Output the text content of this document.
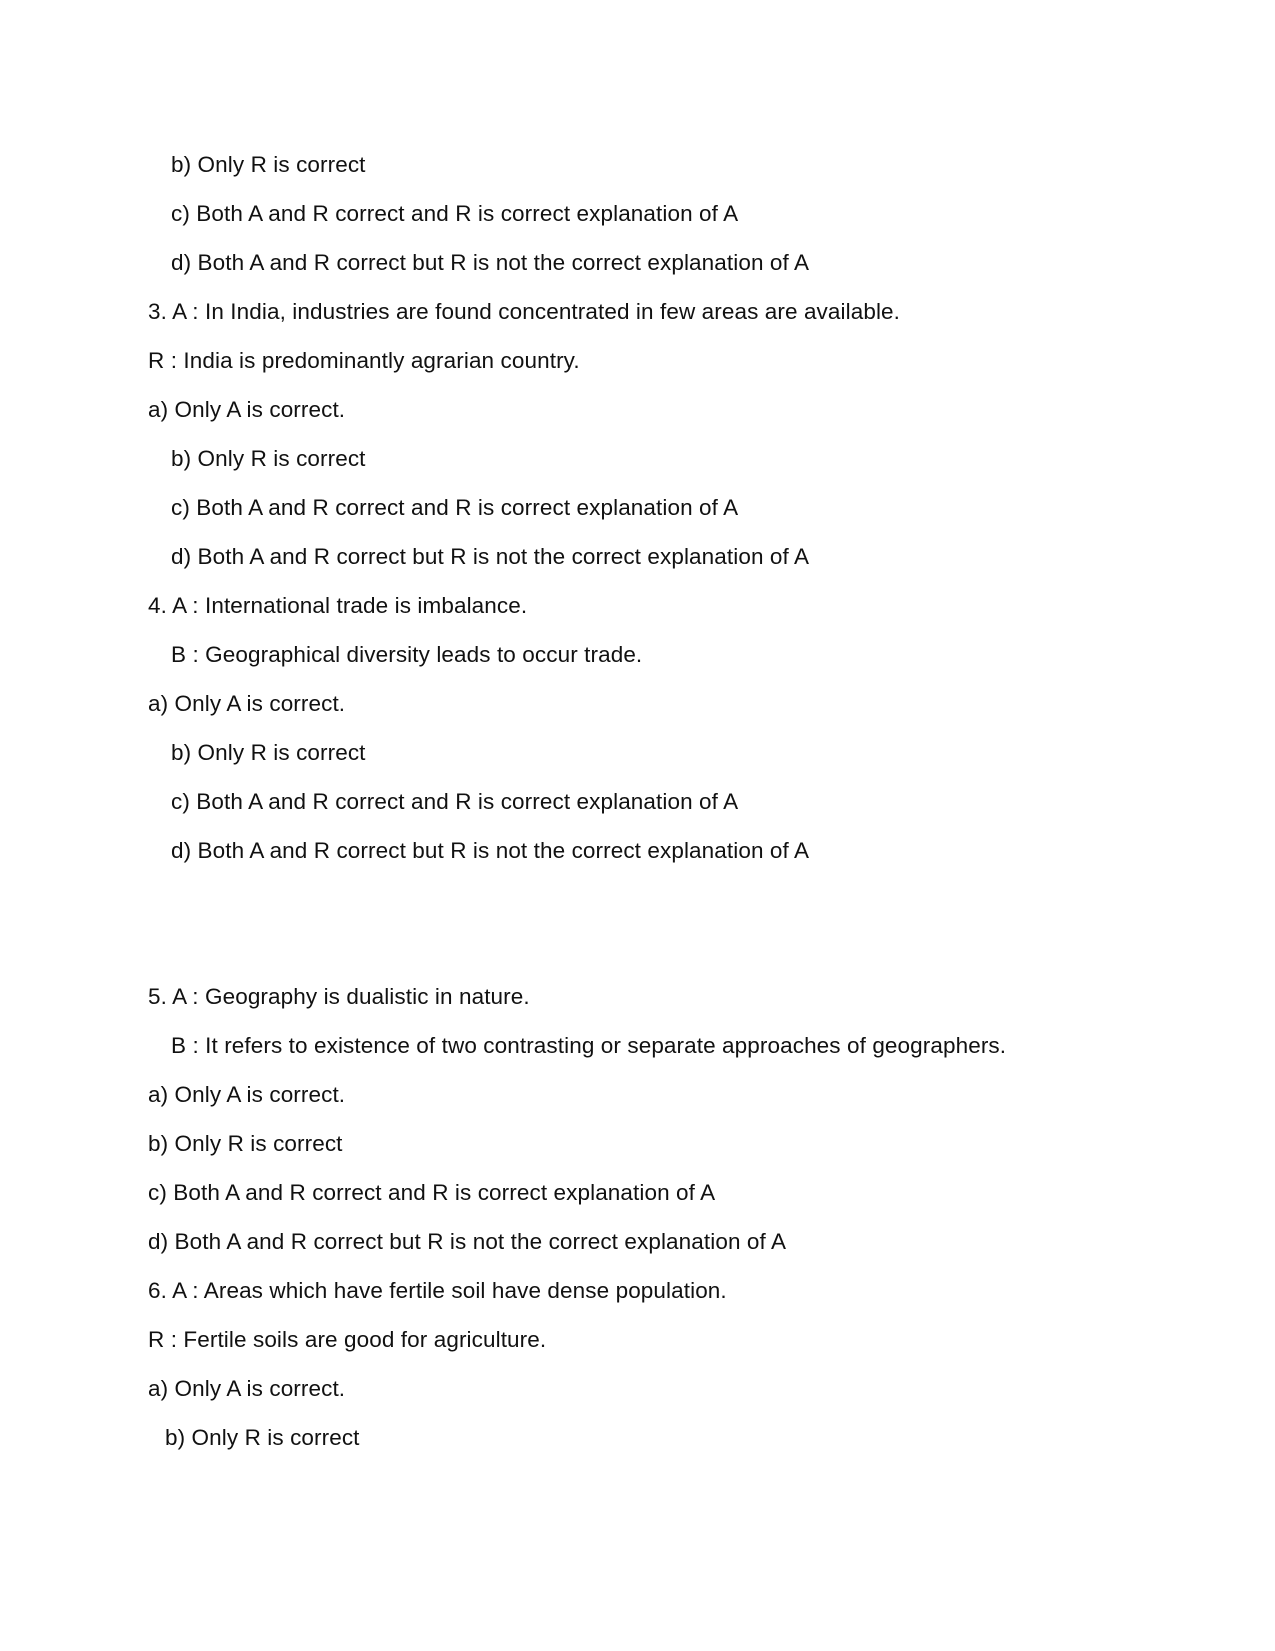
b) Only R is correct
c) Both A and R correct and R is correct explanation of A
d) Both A and R correct but R is not the correct explanation of A
3. A : In India, industries are found concentrated in few areas are available.
R : India is predominantly agrarian country.
a) Only A is correct.
b) Only R is correct
c) Both A and R correct and R is correct explanation of A
d) Both A and R correct but R is not the correct explanation of A
4. A : International trade is imbalance.
B : Geographical diversity leads to occur trade.
a) Only A is correct.
b) Only R is correct
c) Both A and R correct and R is correct explanation of A
d) Both A and R correct but R is not the correct explanation of A
5. A : Geography is dualistic in nature.
B : It refers to existence of two contrasting or separate approaches of geographers.
a) Only A is correct.
b) Only R is correct
c) Both A and R correct and R is correct explanation of A
d) Both A and R correct but R is not the correct explanation of A
6. A : Areas which have fertile soil have dense population.
R : Fertile soils are good for agriculture.
a) Only A is correct.
b) Only R is correct
